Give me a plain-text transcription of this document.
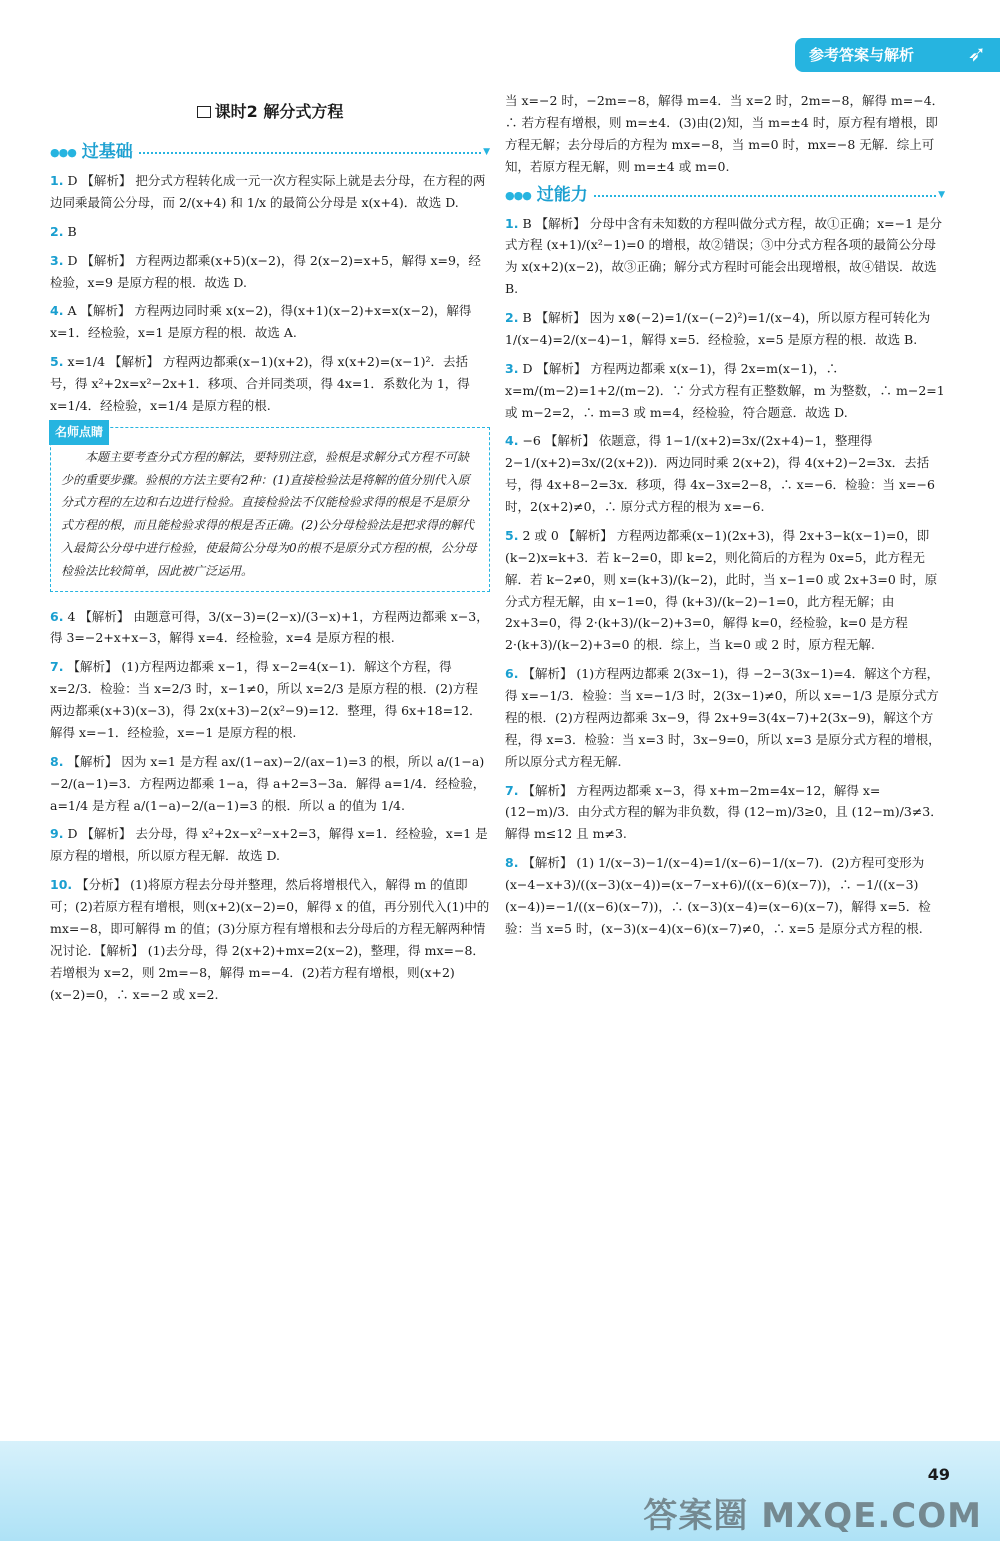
参考答案与解析 ➶
课时2 解分式方程
●●● 过基础	▼
1. D 【解析】 把分式方程转化成一元一次方程实际上就是去分母，在方程的两边同乘最简公分母，而 2/(x+4) 和 1/x 的最简公分母是 x(x+4)．故选 D.
2. B
3. D 【解析】 方程两边都乘(x+5)(x−2)，得 2(x−2)=x+5，解得 x=9，经检验，x=9 是原方程的根．故选 D.
4. A 【解析】 方程两边同时乘 x(x−2)，得(x+1)(x−2)+x=x(x−2)，解得 x=1．经检验，x=1 是原方程的根．故选 A.
5. x=1/4 【解析】 方程两边都乘(x−1)(x+2)，得 x(x+2)=(x−1)²．去括号，得 x²+2x=x²−2x+1．移项、合并同类项，得 4x=1．系数化为 1，得 x=1/4．经检验，x=1/4 是原方程的根.
名师点睛
本题主要考查分式方程的解法，要特别注意，验根是求解分式方程不可缺少的重要步骤。验根的方法主要有2种：(1)直接检验法是将解的值分别代入原分式方程的左边和右边进行检验。直接检验法不仅能检验求得的根是不是原分式方程的根，而且能检验求得的根是否正确。(2)公分母检验法是把求得的解代入最简公分母中进行检验，使最简公分母为0的根不是原分式方程的根，公分母检验法比较简单，因此被广泛运用。
6. 4 【解析】 由题意可得，3/(x−3)=(2−x)/(3−x)+1，方程两边都乘 x−3，得 3=−2+x+x−3，解得 x=4．经检验，x=4 是原方程的根.
7. 【解析】 (1)方程两边都乘 x−1，得 x−2=4(x−1)．解这个方程，得 x=2/3．检验：当 x=2/3 时，x−1≠0，所以 x=2/3 是原方程的根．(2)方程两边都乘(x+3)(x−3)，得 2x(x+3)−2(x²−9)=12．整理，得 6x+18=12．解得 x=−1．经检验，x=−1 是原方程的根.
8. 【解析】 因为 x=1 是方程 ax/(1−ax)−2/(ax−1)=3 的根，所以 a/(1−a)−2/(a−1)=3．方程两边都乘 1−a，得 a+2=3−3a．解得 a=1/4．经检验，a=1/4 是方程 a/(1−a)−2/(a−1)=3 的根．所以 a 的值为 1/4.
9. D 【解析】 去分母，得 x²+2x−x²−x+2=3，解得 x=1．经检验，x=1 是原方程的增根，所以原方程无解．故选 D.
10. 【分析】 (1)将原方程去分母并整理，然后将增根代入，解得 m 的值即可；(2)若原方程有增根，则(x+2)(x−2)=0，解得 x 的值，再分别代入(1)中的 mx=−8，即可解得 m 的值；(3)分原方程有增根和去分母后的方程无解两种情况讨论．【解析】 (1)去分母，得 2(x+2)+mx=2(x−2)，整理，得 mx=−8．若增根为 x=2，则 2m=−8，解得 m=−4．(2)若方程有增根，则(x+2)(x−2)=0，∴ x=−2 或 x=2.
当 x=−2 时，−2m=−8，解得 m=4．当 x=2 时，2m=−8，解得 m=−4．∴ 若方程有增根，则 m=±4．(3)由(2)知，当 m=±4 时，原方程有增根，即方程无解；去分母后的方程为 mx=−8，当 m=0 时，mx=−8 无解．综上可知，若原方程无解，则 m=±4 或 m=0.
●●● 过能力	▼
1. B 【解析】 分母中含有未知数的方程叫做分式方程，故①正确；x=−1 是分式方程 (x+1)/(x²−1)=0 的增根，故②错误；③中分式方程各项的最简公分母为 x(x+2)(x−2)，故③正确；解分式方程时可能会出现增根，故④错误．故选 B.
2. B 【解析】 因为 x⊗(−2)=1/(x−(−2)²)=1/(x−4)，所以原方程可转化为 1/(x−4)=2/(x−4)−1，解得 x=5．经检验，x=5 是原方程的根．故选 B.
3. D 【解析】 方程两边都乘 x(x−1)，得 2x=m(x−1)，∴ x=m/(m−2)=1+2/(m−2)．∵ 分式方程有正整数解，m 为整数，∴ m−2=1 或 m−2=2，∴ m=3 或 m=4，经检验，符合题意．故选 D.
4. −6 【解析】 依题意，得 1−1/(x+2)=3x/(2x+4)−1，整理得 2−1/(x+2)=3x/(2(x+2))．两边同时乘 2(x+2)，得 4(x+2)−2=3x．去括号，得 4x+8−2=3x．移项，得 4x−3x=2−8，∴ x=−6．检验：当 x=−6 时，2(x+2)≠0，∴ 原分式方程的根为 x=−6.
5. 2 或 0 【解析】 方程两边都乘(x−1)(2x+3)，得 2x+3−k(x−1)=0，即(k−2)x=k+3．若 k−2=0，即 k=2，则化简后的方程为 0x=5，此方程无解．若 k−2≠0，则 x=(k+3)/(k−2)，此时，当 x−1=0 或 2x+3=0 时，原分式方程无解，由 x−1=0，得 (k+3)/(k−2)−1=0，此方程无解；由 2x+3=0，得 2·(k+3)/(k−2)+3=0，解得 k=0，经检验，k=0 是方程 2·(k+3)/(k−2)+3=0 的根．综上，当 k=0 或 2 时，原方程无解.
6. 【解析】 (1)方程两边都乘 2(3x−1)，得 −2−3(3x−1)=4．解这个方程，得 x=−1/3．检验：当 x=−1/3 时，2(3x−1)≠0，所以 x=−1/3 是原分式方程的根．(2)方程两边都乘 3x−9，得 2x+9=3(4x−7)+2(3x−9)，解这个方程，得 x=3．检验：当 x=3 时，3x−9=0，所以 x=3 是原分式方程的增根，所以原分式方程无解.
7. 【解析】 方程两边都乘 x−3，得 x+m−2m=4x−12，解得 x=(12−m)/3．由分式方程的解为非负数，得 (12−m)/3≥0，且 (12−m)/3≠3．解得 m≤12 且 m≠3.
8. 【解析】 (1) 1/(x−3)−1/(x−4)=1/(x−6)−1/(x−7)．(2)方程可变形为 (x−4−x+3)/((x−3)(x−4))=(x−7−x+6)/((x−6)(x−7))，∴ −1/((x−3)(x−4))=−1/((x−6)(x−7))，∴ (x−3)(x−4)=(x−6)(x−7)，解得 x=5．检验：当 x=5 时，(x−3)(x−4)(x−6)(x−7)≠0，∴ x=5 是原分式方程的根.
49
答案圈 MXQE.COM
